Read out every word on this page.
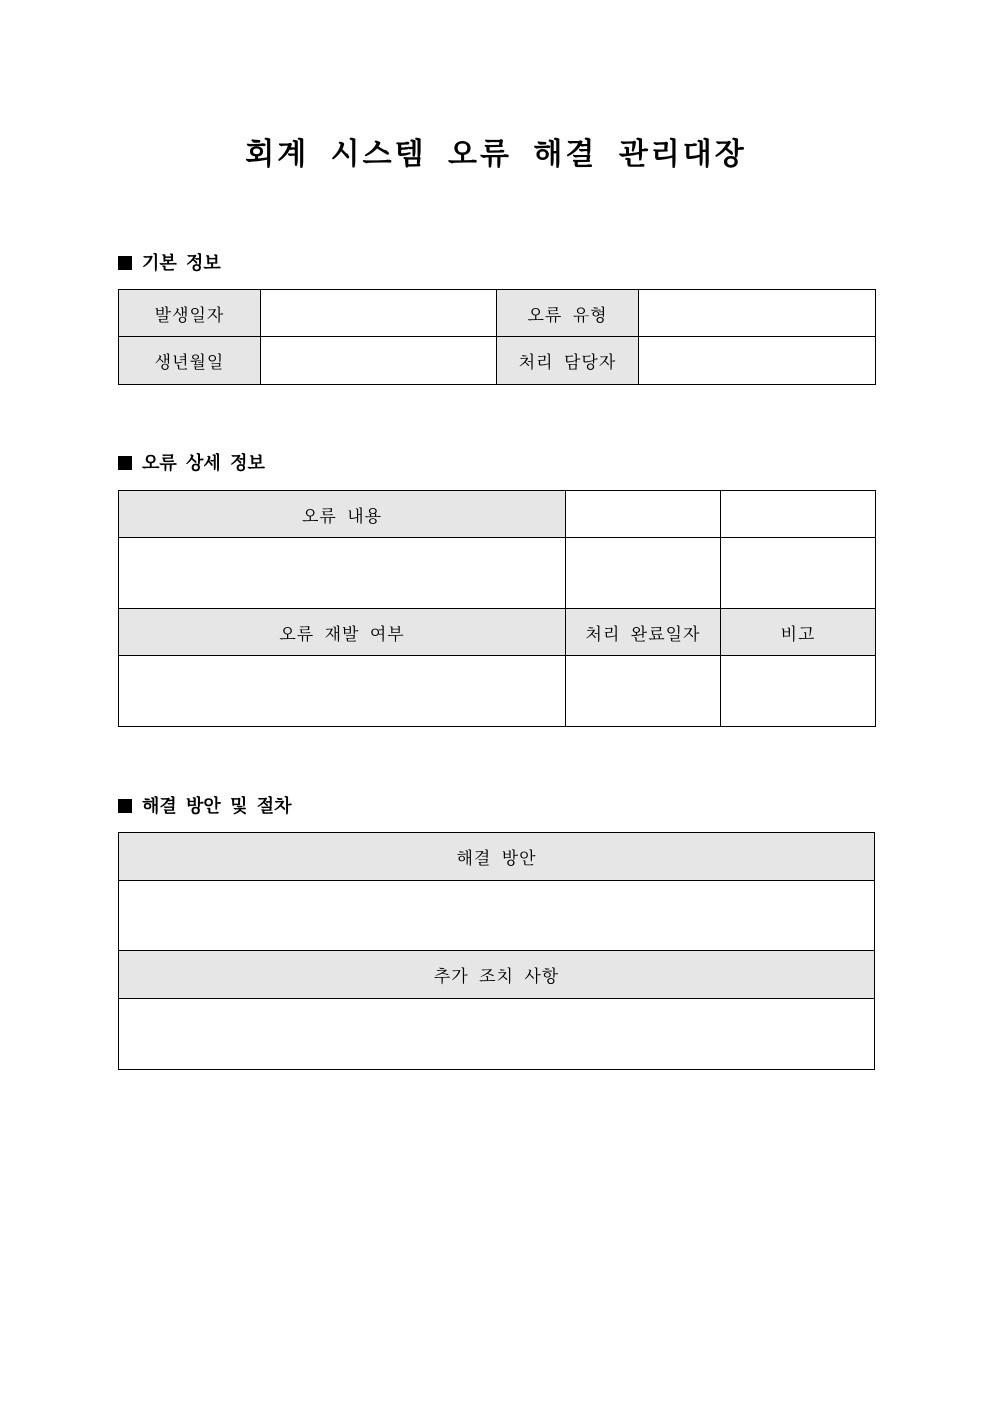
회계 시스템 오류 해결 관리대장
기본 정보
발생일자		오류 유형	
생년월일		처리 담당자	
오류 상세 정보
오류 내용		

오류 재발 여부	처리 완료일자	비고

해결 방안 및 절차
해결 방안

추가 조치 사항
